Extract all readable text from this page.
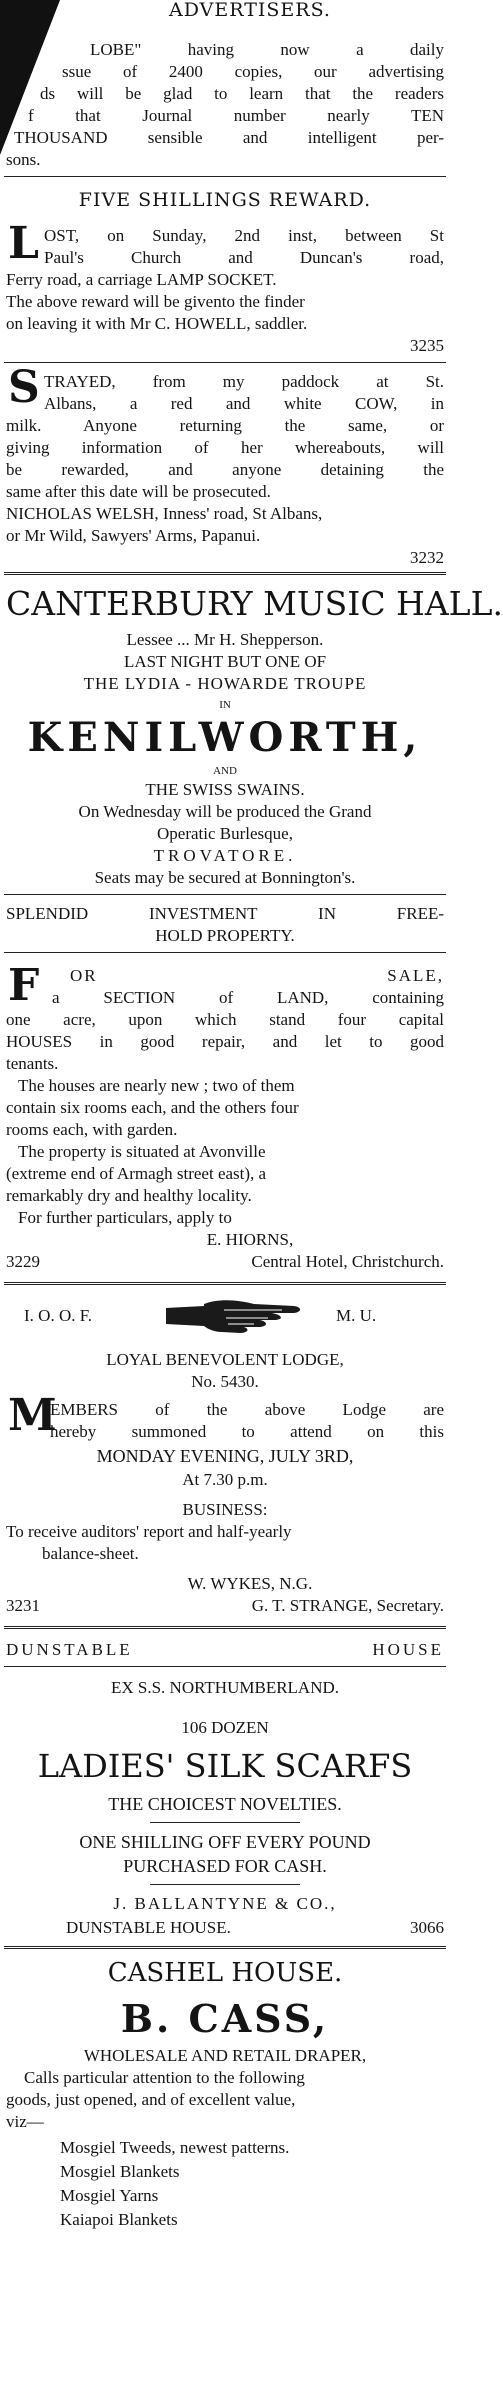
ADVERTISERS.
LOBE" having now a daily
ssue of 2400 copies, our advertising
ds will be glad to learn that the readers
f that Journal number nearly TEN
THOUSAND sensible and intelligent per-
sons.
FIVE SHILLINGS REWARD.
L OST, on Sunday, 2nd inst, between St
Paul's Church and Duncan's road,
Ferry road, a carriage LAMP SOCKET.
The above reward will be givento the finder
on leaving it with Mr C. HOWELL, saddler.
3235
S TRAYED, from my paddock at St.
Albans, a red and white COW, in
milk. Anyone returning the same, or
giving information of her whereabouts, will
be rewarded, and anyone detaining the
same after this date will be prosecuted.
NICHOLAS WELSH, Inness' road, St Albans,
or Mr Wild, Sawyers' Arms, Papanui.
3232
CANTERBURY MUSIC HALL.
Lessee ... Mr H. Shepperson.
LAST NIGHT BUT ONE OF
THE LYDIA - HOWARDE TROUPE
IN
KENILWORTH,
AND
THE SWISS SWAINS.
On Wednesday will be produced the Grand
Operatic Burlesque,
TROVATORE.
Seats may be secured at Bonnington's.
SPLENDID INVESTMENT IN FREE-
HOLD PROPERTY.
F OR SALE,
a SECTION of LAND, containing
one acre, upon which stand four capital
HOUSES in good repair, and let to good
tenants.
The houses are nearly new ; two of them
contain six rooms each, and the others four
rooms each, with garden.
The property is situated at Avonville
(extreme end of Armagh street east), a
remarkably dry and healthy locality.
For further particulars, apply to
E. HIORNS,
3229	Central Hotel, Christchurch.
I. O. O. F.	M. U.
LOYAL BENEVOLENT LODGE,
No. 5430.
M
EMBERS of the above Lodge are
hereby summoned to attend on this
MONDAY EVENING, JULY 3RD,
At 7.30 p.m.
BUSINESS:
To receive auditors' report and half-yearly
balance-sheet.
W. WYKES, N.G.
3231	G. T. STRANGE, Secretary.
DUNSTABLE HOUSE
EX S.S. NORTHUMBERLAND.
106 DOZEN
LADIES' SILK SCARFS
THE CHOICEST NOVELTIES.
ONE SHILLING OFF EVERY POUND
PURCHASED FOR CASH.
J. BALLANTYNE & CO.,
DUNSTABLE HOUSE.	3066
CASHEL HOUSE.
B. CASS,
WHOLESALE AND RETAIL DRAPER,
Calls particular attention to the following
goods, just opened, and of excellent value,
viz—
Mosgiel Tweeds, newest patterns.
Mosgiel Blankets
Mosgiel Yarns
Kaiapoi Blankets
